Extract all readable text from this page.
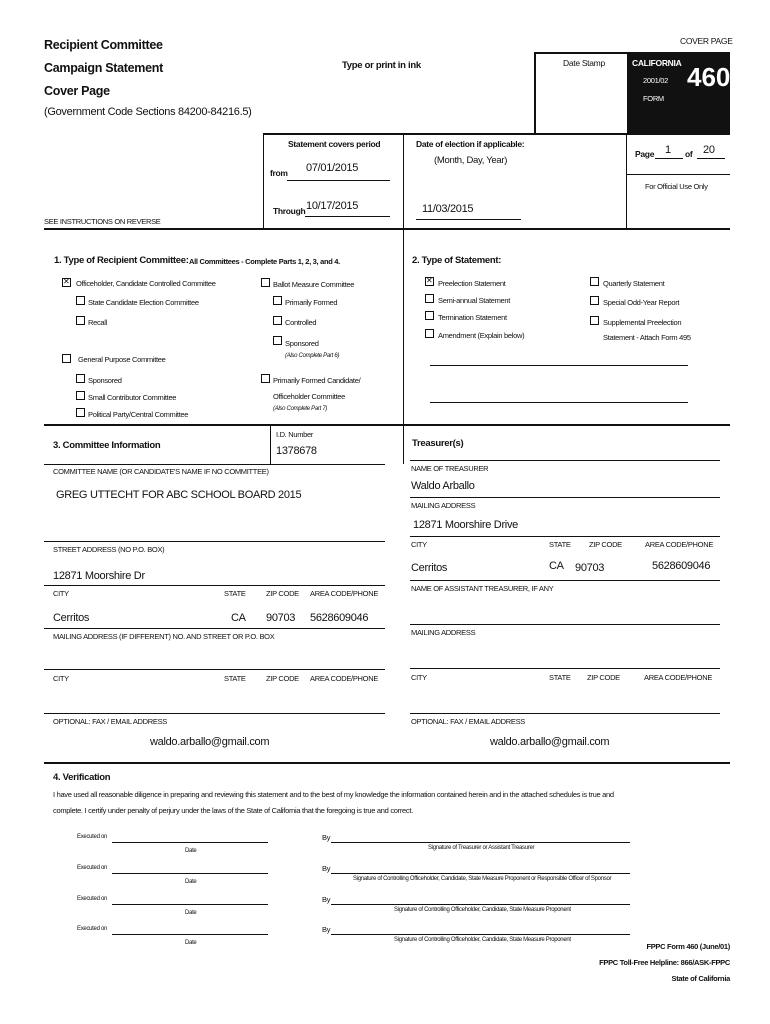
Recipient Committee
Campaign Statement
Cover Page
(Government Code Sections 84200-84216.5)
Type or print in ink
COVER PAGE
Date Stamp	CALIFORNIA
2001/02
FORM
460
Statement covers period
from 07/01/2015
Through 10/17/2015
Date of election if applicable:
(Month, Day, Year)
11/03/2015
Page 1 of 20
For Official Use Only
SEE INSTRUCTIONS ON REVERSE
1. Type of Recipient Committee: All Committees - Complete Parts 1, 2, 3, and 4.
✕
Officeholder, Candidate Controlled Committee
State Candidate Election Committee
Recall
Ballot Measure Committee
Primarily Formed
Controlled
Sponsored
(Also Complete Part 6)
General Purpose Committee
Sponsored
Small Contributor Committee
Political Party/Central Committee
Primarily Formed Candidate/
Officeholder Committee
(Also Complete Part 7)
2. Type of Statement:
✕
Preelection Statement
Semi-annual Statement
Termination Statement
Amendment (Explain below)
Quarterly Statement
Special Odd-Year Report
Supplemental Preelection
Statement - Attach Form 495
3. Committee Information
I.D. Number
1378678
Treasurer(s)
COMMITTEE NAME (OR CANDIDATE'S NAME IF NO COMMITTEE)
GREG UTTECHT FOR ABC SCHOOL BOARD 2015
NAME OF TREASURER
Waldo Arballo
MAILING ADDRESS
12871 Moorshire Drive
CITY	STATE ZIP CODE	AREA CODE/PHONE
Cerritos	CA 90703	5628609046
NAME OF ASSISTANT TREASURER, IF ANY
MAILING ADDRESS
CITY	STATE ZIP CODE	AREA CODE/PHONE
OPTIONAL: FAX / EMAIL ADDRESS
waldo.arballo@gmail.com
STREET ADDRESS (NO P.O. BOX)
12871 Moorshire Dr
CITY	STATE	ZIP CODE AREA CODE/PHONE
Cerritos	CA 90703 5628609046
MAILING ADDRESS (IF DIFFERENT) NO. AND STREET OR P.O. BOX
CITY	STATE	ZIP CODE AREA CODE/PHONE
OPTIONAL: FAX / EMAIL ADDRESS
waldo.arballo@gmail.com
4. Verification
I have used all reasonable diligence in preparing and reviewing this statement and to the best of my knowledge the information contained herein and in the attached schedules is true and
complete. I certify under penalty of perjury under the laws of the State of California that the foregoing is true and correct.
Executed on
Date
By
Signature of Treasurer or Assistant Treasurer
Executed on
Date
By
Signature of Controlling Officeholder, Candidate, State Measure Proponent or Responsible Officer of Sponsor
Executed on
Date
By
Signature of Controlling Officeholder, Candidate, State Measure Proponent
Executed on
Date
By
Signature of Controlling Officeholder, Candidate, State Measure Proponent
FPPC Form 460 (June/01)
FPPC Toll-Free Helpline: 866/ASK-FPPC
State of California
